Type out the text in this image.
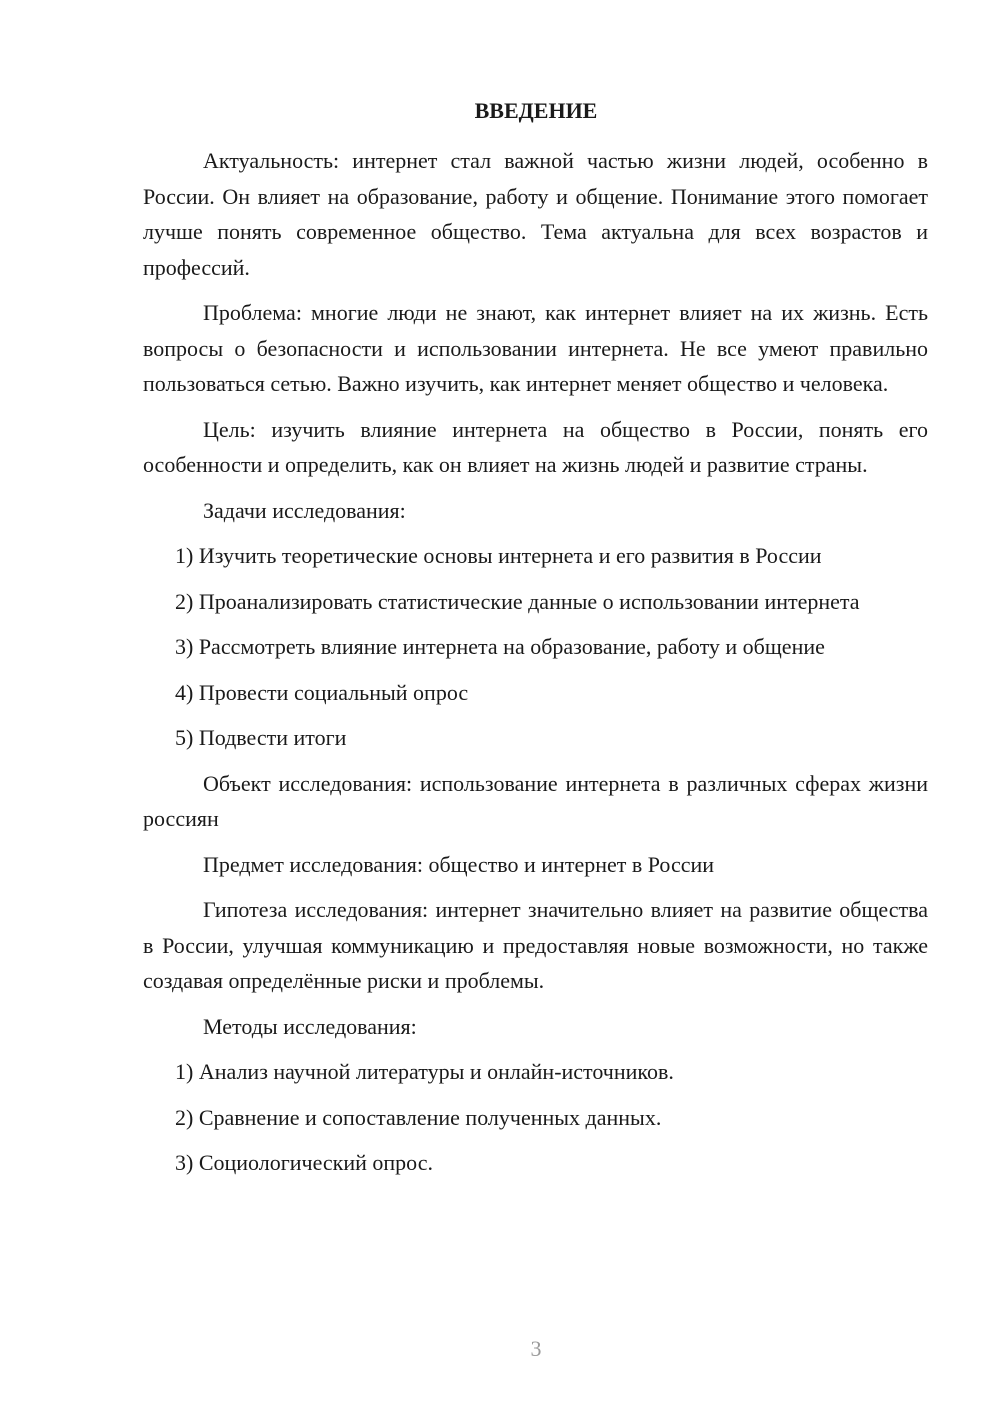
ВВЕДЕНИЕ

Актуальность: интернет стал важной частью жизни людей, особенно в России. Он влияет на образование, работу и общение. Понимание этого помогает лучше понять современное общество. Тема актуальна для всех возрастов и профессий.

Проблема: многие люди не знают, как интернет влияет на их жизнь. Есть вопросы о безопасности и использовании интернета. Не все умеют правильно пользоваться сетью. Важно изучить, как интернет меняет общество и человека.

Цель: изучить влияние интернета на общество в России, понять его особенности и определить, как он влияет на жизнь людей и развитие страны.

Задачи исследования:

1) Изучить теоретические основы интернета и его развития в России

2) Проанализировать статистические данные о использовании интернета

3) Рассмотреть влияние интернета на образование, работу и общение

4) Провести социальный опрос

5) Подвести итоги

Объект исследования: использование интернета в различных сферах жизни россиян

Предмет исследования: общество и интернет в России

Гипотеза исследования: интернет значительно влияет на развитие общества в России, улучшая коммуникацию и предоставляя новые возможности, но также создавая определённые риски и проблемы.

Методы исследования:

1) Анализ научной литературы и онлайн-источников.

2) Сравнение и сопоставление полученных данных.

3) Социологический опрос.

3
